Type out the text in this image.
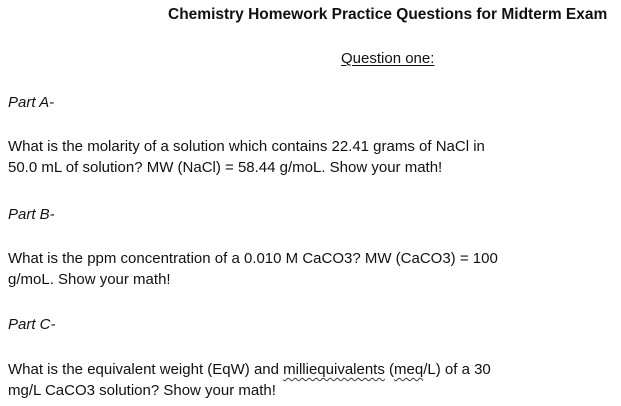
Chemistry Homework Practice Questions for Midterm Exam
Question one:
Part A-
What is the molarity of a solution which contains 22.41 grams of NaCl in
50.0 mL of solution? MW (NaCl) = 58.44 g/moL. Show your math!
Part B-
What is the ppm concentration of a 0.010 M CaCO3? MW (CaCO3) = 100
g/moL. Show your math!
Part C-
What is the equivalent weight (EqW) and milliequivalents (meq/L) of a 30
mg/L CaCO3 solution? Show your math!
